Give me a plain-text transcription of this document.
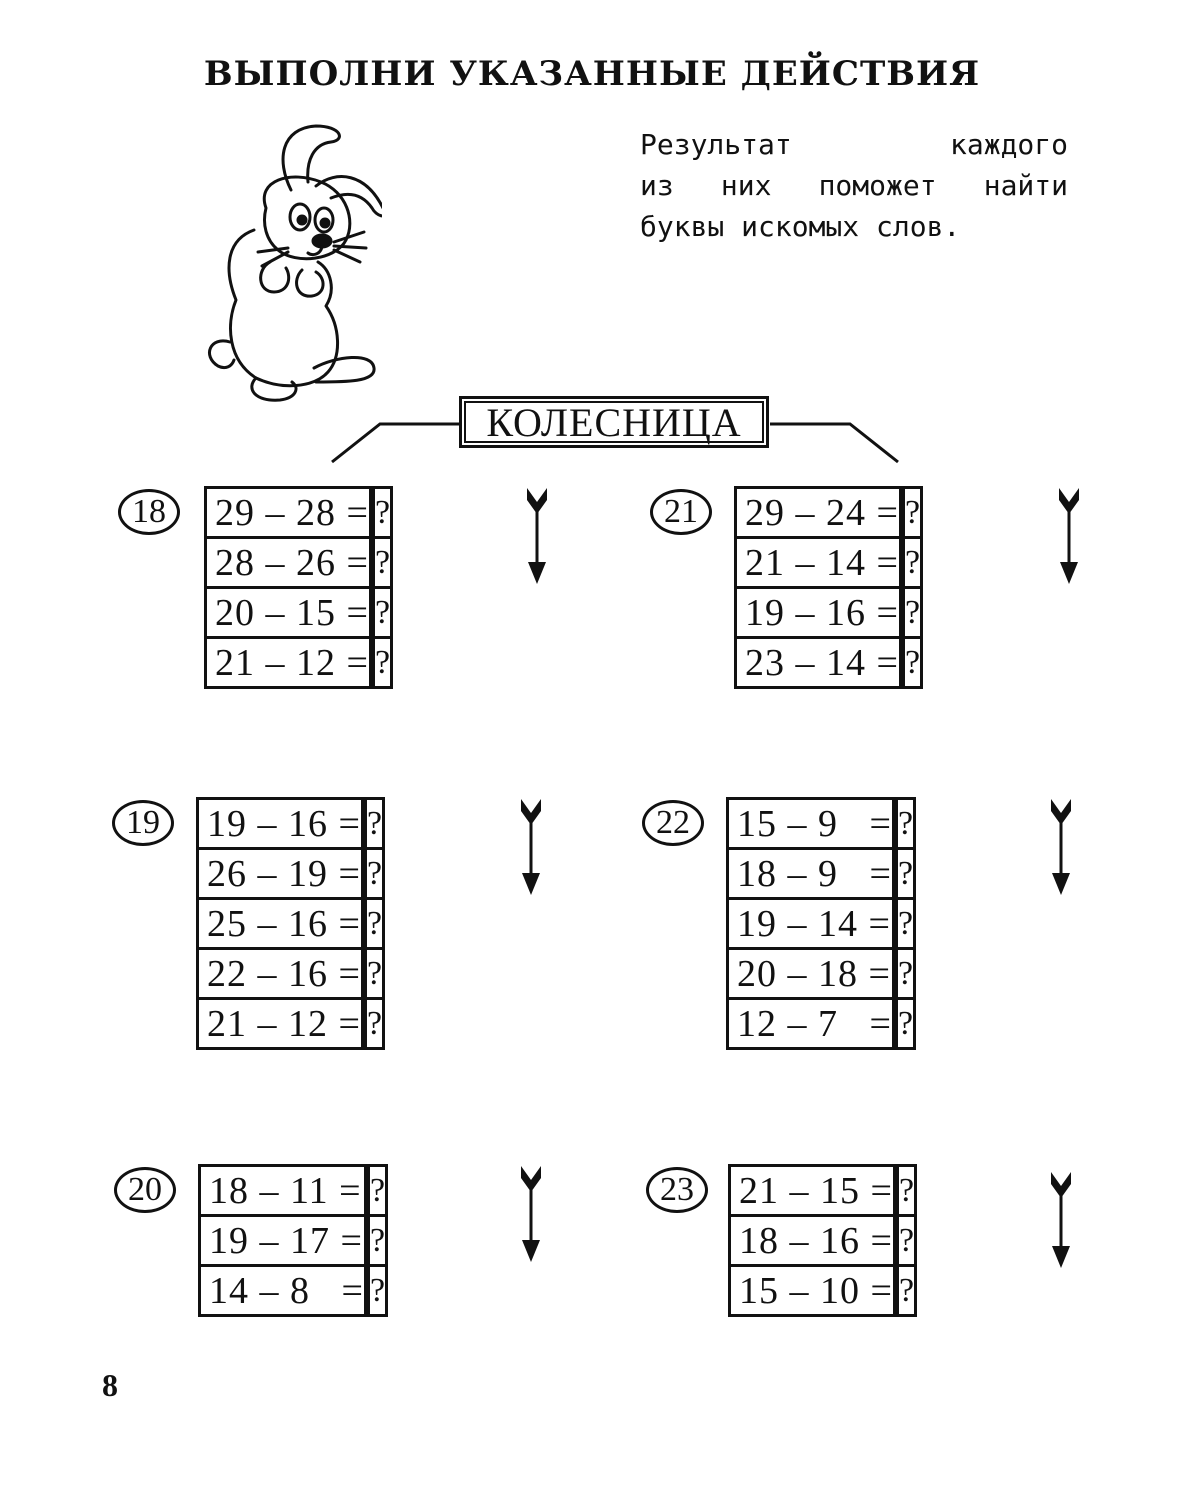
ВЫПОЛНИ УКАЗАННЫЕ ДЕЙСТВИЯ

Результат каждого
из них поможет найти
буквы искомых слов.

КОЛЕСНИЦА
18	29 – 28 =		?
28 – 26 =		?
20 – 15 =		?
21 – 12 =		?
21	29 – 24 =		?
21 – 14 =		?
19 – 16 =		?
23 – 14 =		?
19	19 – 16 =		?
26 – 19 =		?
25 – 16 =		?
22 – 16 =		?
21 – 12 =		?
22	15 – 9   =		?
18 – 9   =		?
19 – 14 =		?
20 – 18 =		?
12 – 7   =		?
20	18 – 11 =		?
19 – 17 =		?
14 – 8   =		?
23	21 – 15 =		?
18 – 16 =		?
15 – 10 =		?
8
